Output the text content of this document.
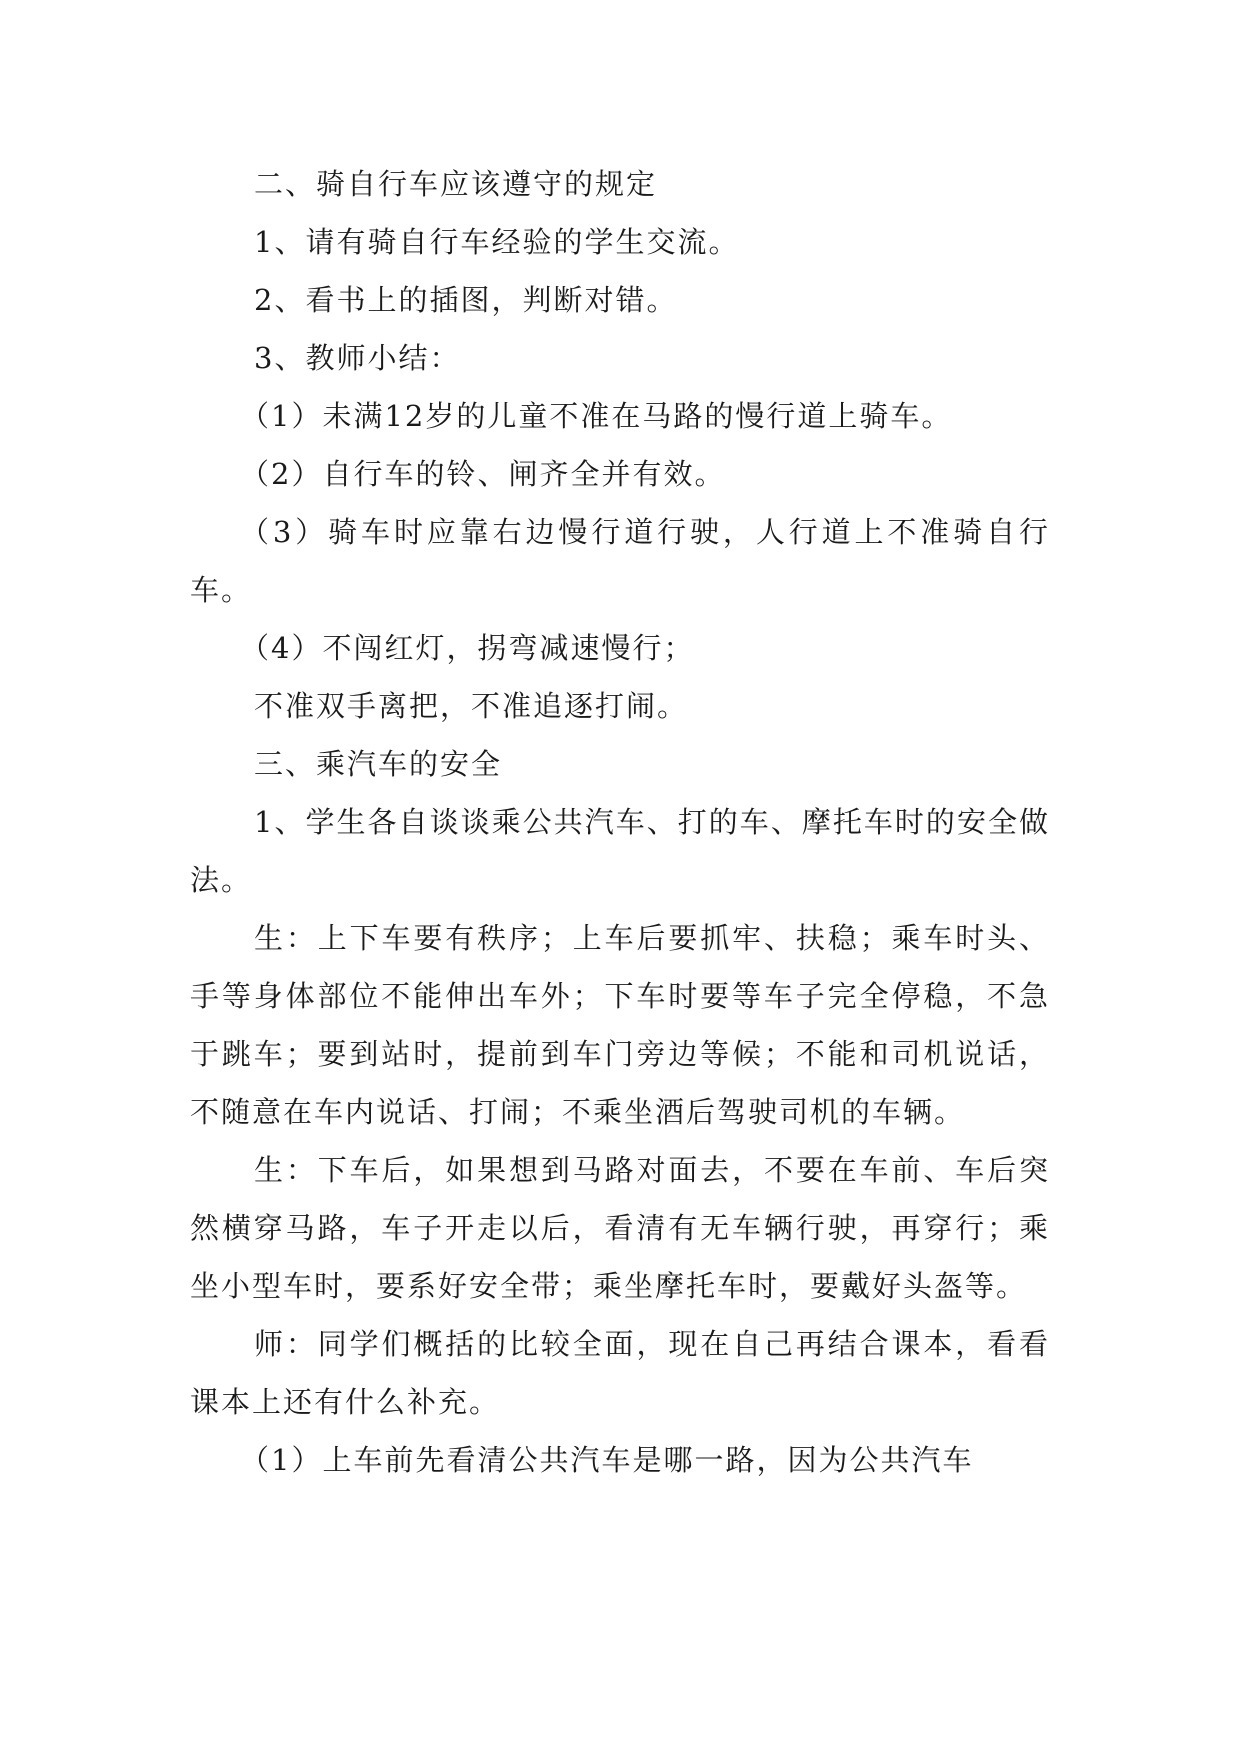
二、骑自行车应该遵守的规定

1、请有骑自行车经验的学生交流。

2、看书上的插图，判断对错。

3、教师小结：

（1）未满12岁的儿童不准在马路的慢行道上骑车。

（2）自行车的铃、闸齐全并有效。

（3）骑车时应靠右边慢行道行驶，人行道上不准骑自行车。

（4）不闯红灯，拐弯减速慢行；

不准双手离把，不准追逐打闹。

三、乘汽车的安全

1、学生各自谈谈乘公共汽车、打的车、摩托车时的安全做法。

生：上下车要有秩序；上车后要抓牢、扶稳；乘车时头、手等身体部位不能伸出车外；下车时要等车子完全停稳，不急于跳车；要到站时，提前到车门旁边等候；不能和司机说话，不随意在车内说话、打闹；不乘坐酒后驾驶司机的车辆。

生：下车后，如果想到马路对面去，不要在车前、车后突然横穿马路，车子开走以后，看清有无车辆行驶，再穿行；乘坐小型车时，要系好安全带；乘坐摩托车时，要戴好头盔等。

师：同学们概括的比较全面，现在自己再结合课本，看看课本上还有什么补充。

（1）上车前先看清公共汽车是哪一路，因为公共汽车
